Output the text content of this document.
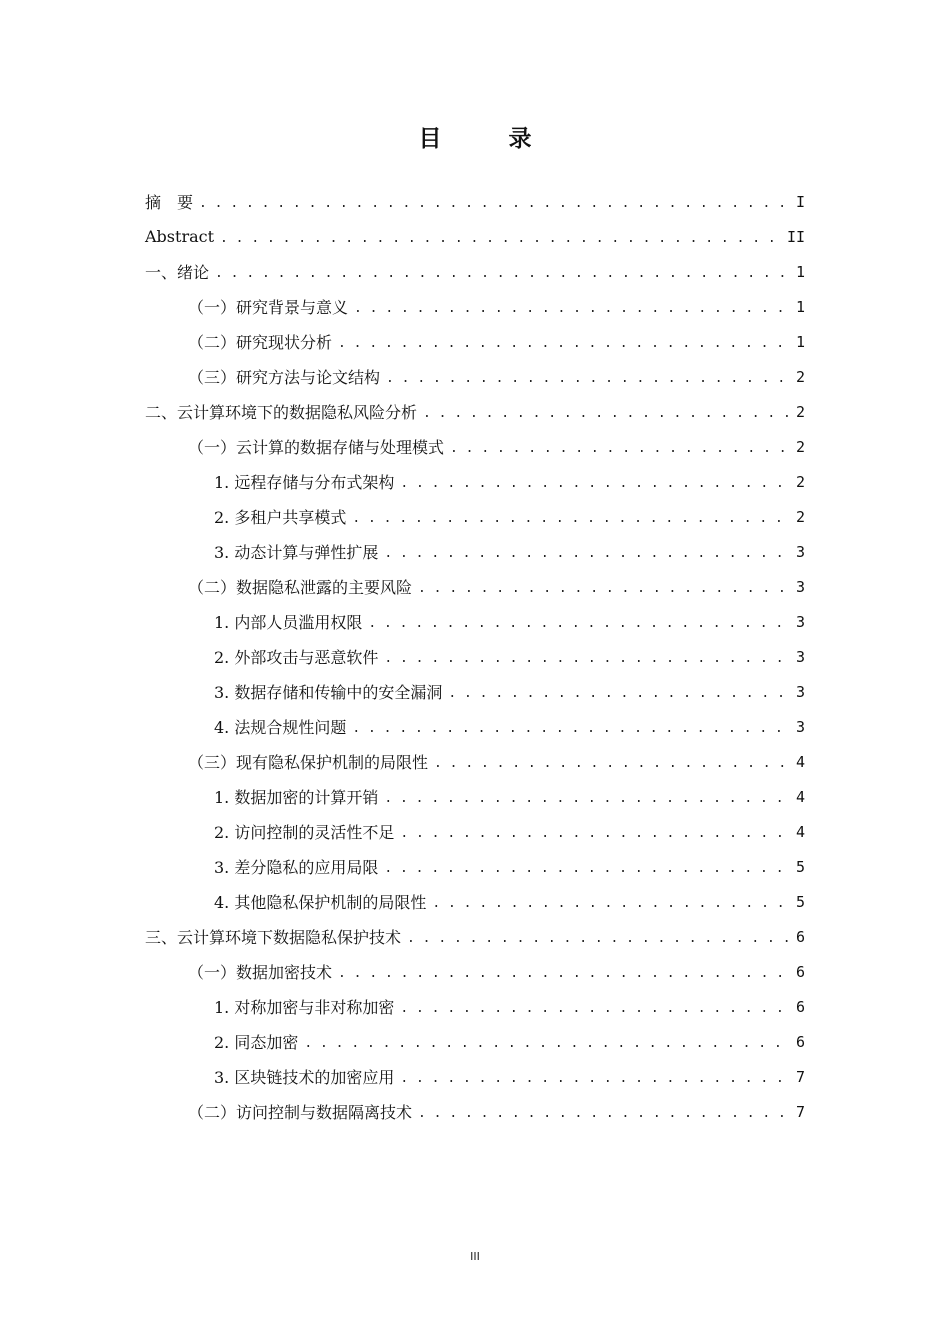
目　录
摘　要 . . .	I
Abstract . . .	II
一、绪论 . . .	1
（一）研究背景与意义 . . .	1
（二）研究现状分析 . . .	1
（三）研究方法与论文结构 . . .	2
二、云计算环境下的数据隐私风险分析 . . .	2
（一）云计算的数据存储与处理模式 . . .	2
1. 远程存储与分布式架构 . . .	2
2. 多租户共享模式 . . .	2
3. 动态计算与弹性扩展 . . .	3
（二）数据隐私泄露的主要风险 . . .	3
1. 内部人员滥用权限 . . .	3
2. 外部攻击与恶意软件 . . .	3
3. 数据存储和传输中的安全漏洞 . . .	3
4. 法规合规性问题 . . .	3
（三）现有隐私保护机制的局限性 . . .	4
1. 数据加密的计算开销 . . .	4
2. 访问控制的灵活性不足 . . .	4
3. 差分隐私的应用局限 . . .	5
4. 其他隐私保护机制的局限性 . . .	5
三、云计算环境下数据隐私保护技术 . . .	6
（一）数据加密技术 . . .	6
1. 对称加密与非对称加密 . . .	6
2. 同态加密 . . .	6
3. 区块链技术的加密应用 . . .	7
（二）访问控制与数据隔离技术 . . .	7
III
